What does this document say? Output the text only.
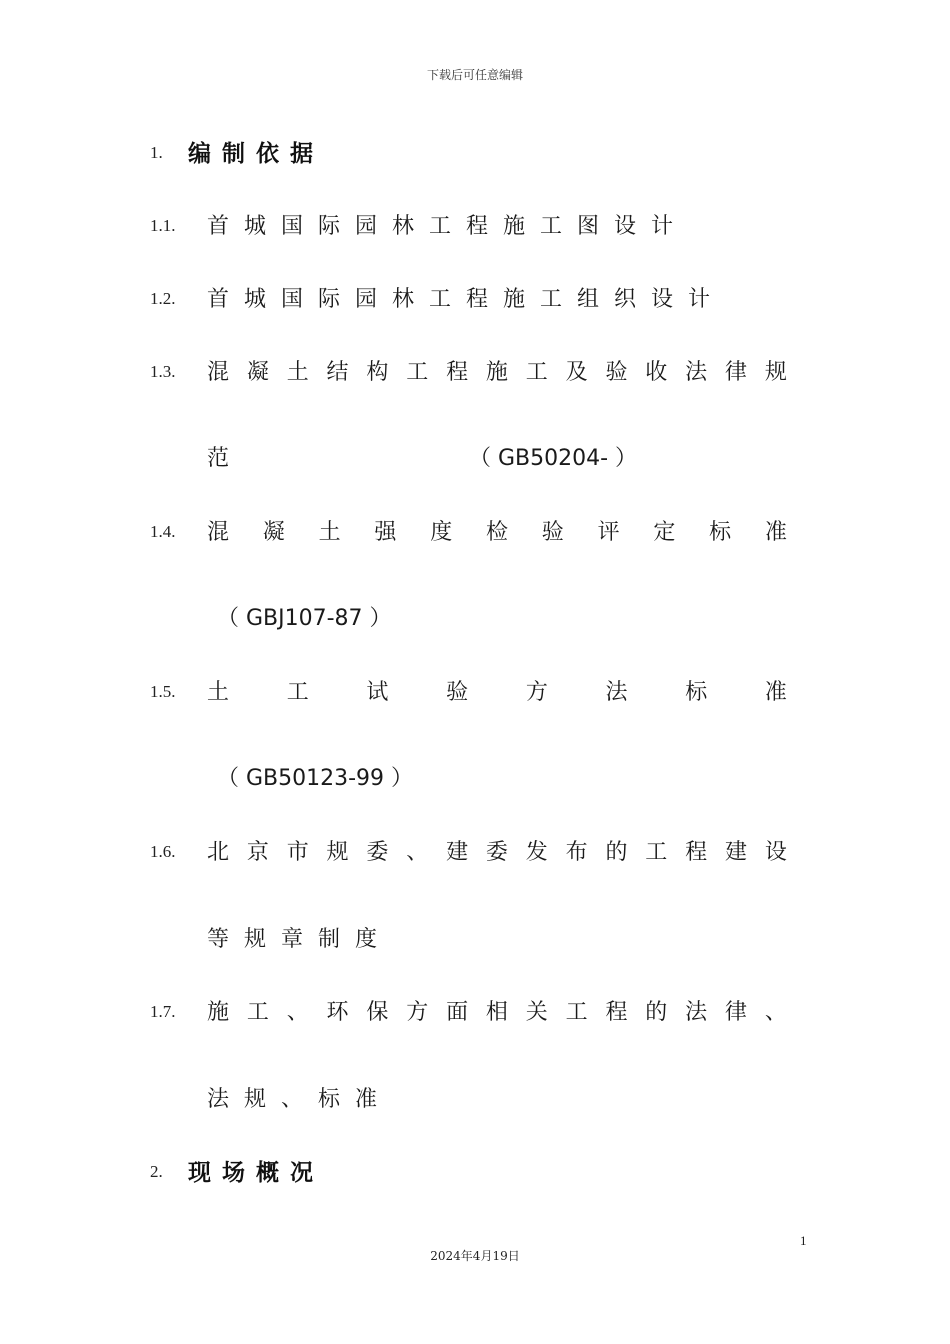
下载后可任意编辑
1. 编制依据
1.1. 首城国际园林工程施工图设计
1.2. 首城国际园林工程施工组织设计
1.3. 混 凝 土 结 构 工 程 施 工 及 验 收 法 律 规
范	（ GB50204- ）
1.4. 混 凝 土 强 度 检 验 评 定 标 准
（ GBJ107-87 ）
1.5. 土	工	试	验	方	法	标	准
（ GB50123-99 ）
1.6. 北 京 市 规 委 、 建 委 发 布 的 工 程 建 设
等规章制度
1.7. 施 工 、 环 保 方 面 相 关 工 程 的 法 律 、
法规、标准
2. 现场概况
1
2024年4月19日
